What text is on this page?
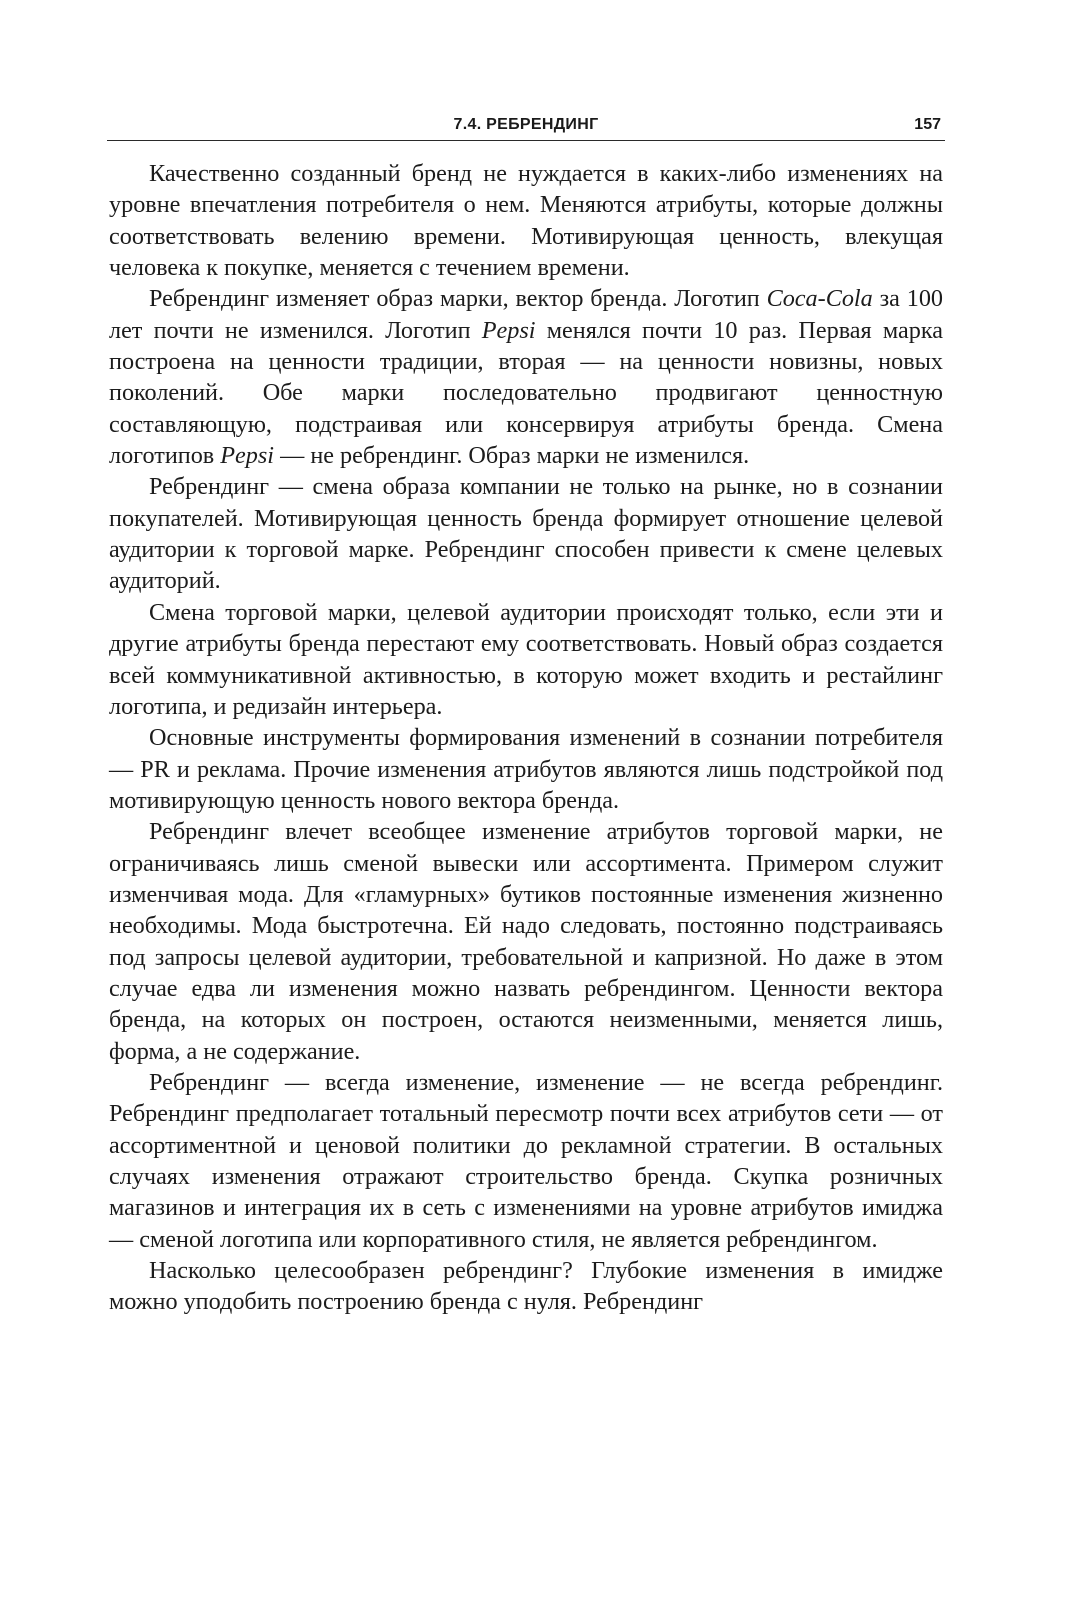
7.4. РЕБРЕНДИНГ	157

Качественно созданный бренд не нуждается в каких-либо изменениях на уровне впечатления потребителя о нем. Меняются атрибуты, которые должны соответствовать велению времени. Мотивирующая ценность, влекущая человека к покупке, меняется с течением времени.

Ребрендинг изменяет образ марки, вектор бренда. Логотип Coca-Cola за 100 лет почти не изменился. Логотип Pepsi менялся почти 10 раз. Первая марка построена на ценности традиции, вторая — на ценности новизны, новых поколений. Обе марки последовательно продвигают ценностную составляющую, подстраивая или консервируя атрибуты бренда. Смена логотипов Pepsi — не ребрендинг. Образ марки не изменился.

Ребрендинг — смена образа компании не только на рынке, но в сознании покупателей. Мотивирующая ценность бренда формирует отношение целевой аудитории к торговой марке. Ребрендинг способен привести к смене целевых аудиторий.

Смена торговой марки, целевой аудитории происходят только, если эти и другие атрибуты бренда перестают ему соответствовать. Новый образ создается всей коммуникативной активностью, в которую может входить и рестайлинг логотипа, и редизайн интерьера.

Основные инструменты формирования изменений в сознании потребителя — PR и реклама. Прочие изменения атрибутов являются лишь подстройкой под мотивирующую ценность нового вектора бренда.

Ребрендинг влечет всеобщее изменение атрибутов торговой марки, не ограничиваясь лишь сменой вывески или ассортимента. Примером служит изменчивая мода. Для «гламурных» бутиков постоянные изменения жизненно необходимы. Мода быстротечна. Ей надо следовать, постоянно подстраиваясь под запросы целевой аудитории, требовательной и капризной. Но даже в этом случае едва ли изменения можно назвать ребрендингом. Ценности вектора бренда, на которых он построен, остаются неизменными, меняется лишь, форма, а не содержание.

Ребрендинг — всегда изменение, изменение — не всегда ребрендинг. Ребрендинг предполагает тотальный пересмотр почти всех атрибутов сети — от ассортиментной и ценовой политики до рекламной стратегии. В остальных случаях изменения отражают строительство бренда. Скупка розничных магазинов и интеграция их в сеть с изменениями на уровне атрибутов имиджа — сменой логотипа или корпоративного стиля, не является ребрендингом.

Насколько целесообразен ребрендинг? Глубокие изменения в имидже можно уподобить построению бренда с нуля. Ребрендинг
